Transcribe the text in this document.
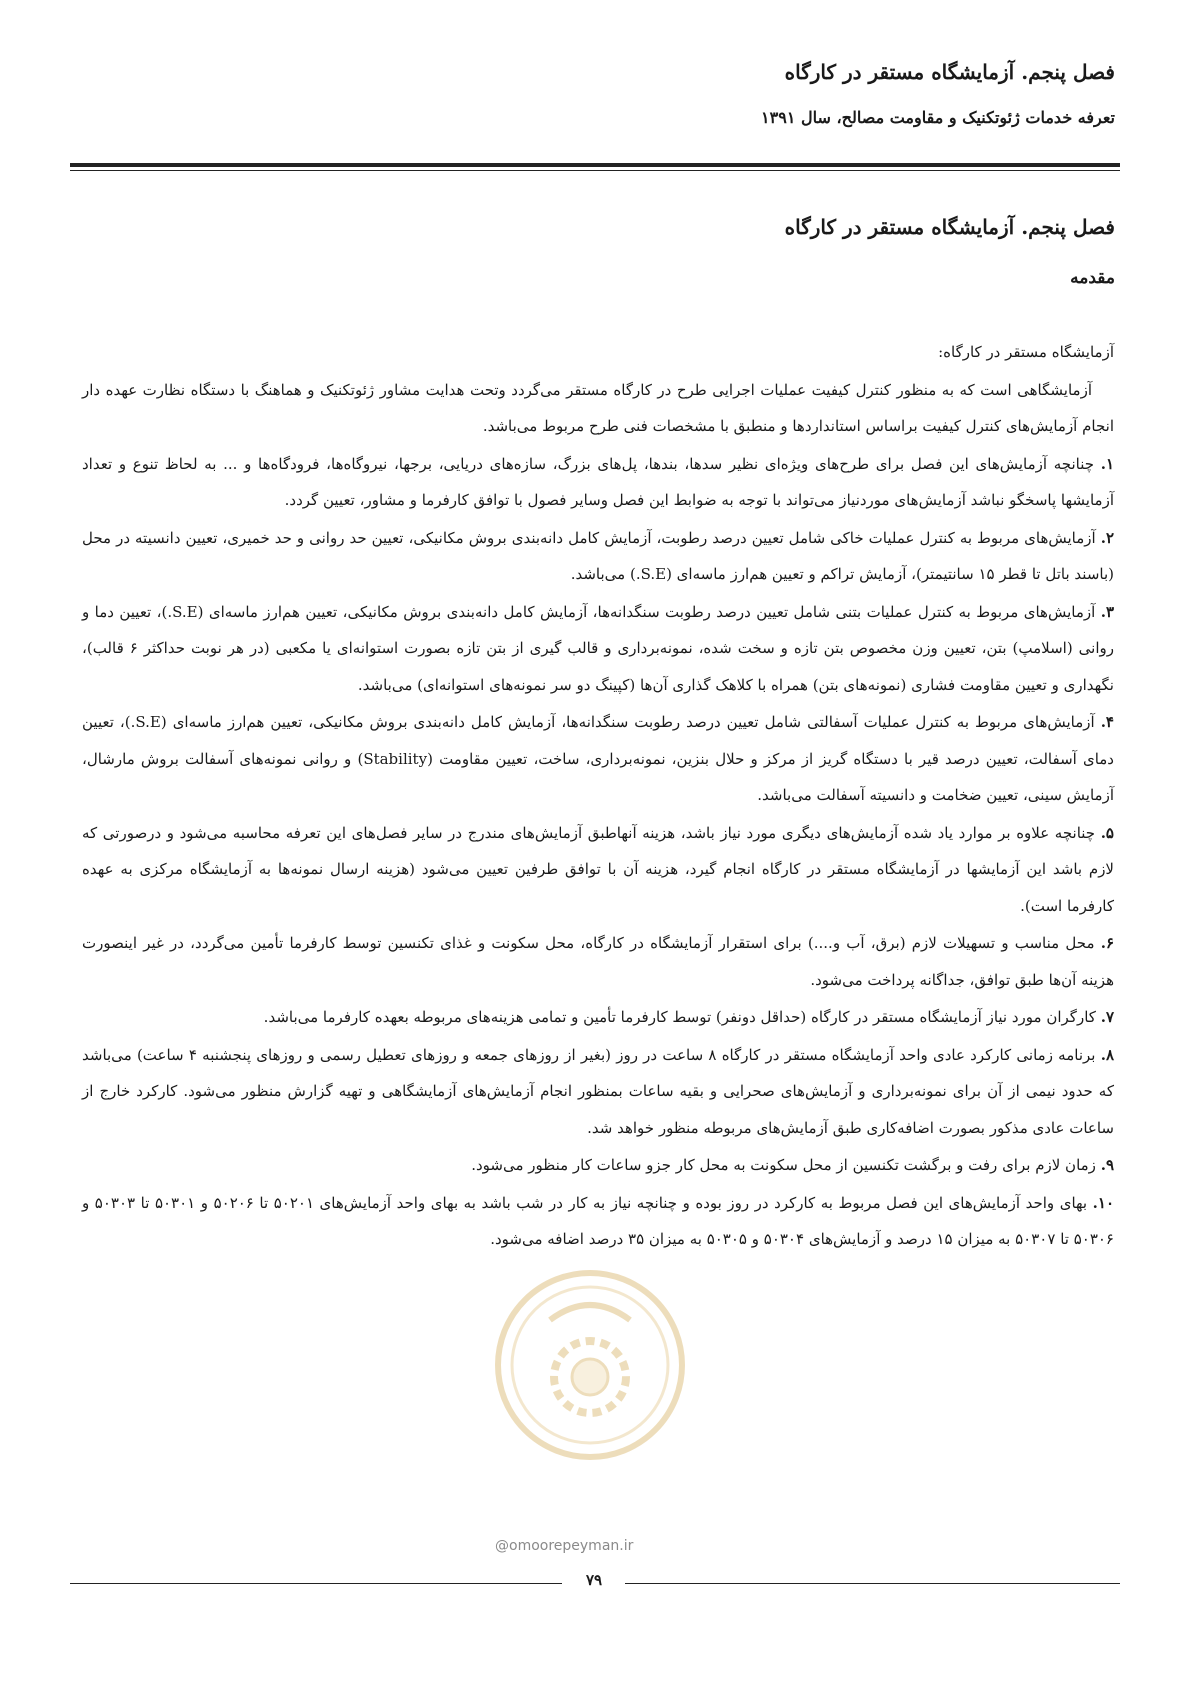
فصل پنجم. آزمایشگاه مستقر در کارگاه
تعرفه خدمات ژئوتکنیک و مقاومت مصالح، سال ۱۳۹۱
فصل پنجم. آزمایشگاه مستقر در کارگاه
مقدمه

آزمایشگاه مستقر در کارگاه:

آزمایشگاهی است که به منظور کنترل کیفیت عملیات اجرایی طرح در کارگاه مستقر می‌گردد وتحت هدایت مشاور ژئوتکنیک و هماهنگ با دستگاه نظارت عهده دار انجام آزمایش‌های کنترل کیفیت براساس استانداردها و منطبق با مشخصات فنی طرح مربوط می‌باشد.

۱. چنانچه آزمایش‌های این فصل برای طرح‌های ویژه‌ای نظیر سدها، بندها، پل‌های بزرگ، سازه‌های دریایی، برجها، نیروگاه‌ها، فرودگاه‌ها و ... به لحاظ تنوع و تعداد آزمایشها پاسخگو نباشد آزمایش‌های موردنیاز می‌تواند با توجه به ضوابط این فصل وسایر فصول با توافق کارفرما و مشاور، تعیین گردد.

۲. آزمایش‌های مربوط به کنترل عملیات خاکی شامل تعیین درصد رطوبت، آزمایش کامل دانه‌بندی بروش مکانیکی، تعیین حد روانی و حد خمیری، تعیین دانسیته در محل (باسند باتل تا قطر ۱۵ سانتیمتر)، آزمایش تراکم و تعیین هم‌ارز ماسه‌ای (S.E.) می‌باشد.

۳. آزمایش‌های مربوط به کنترل عملیات بتنی شامل تعیین درصد رطوبت سنگدانه‌ها، آزمایش کامل دانه‌بندی بروش مکانیکی، تعیین هم‌ارز ماسه‌ای (S.E.)، تعیین دما و روانی (اسلامپ) بتن، تعیین وزن مخصوص بتن تازه و سخت شده، نمونه‌برداری و قالب گیری از بتن تازه بصورت استوانه‌ای یا مکعبی (در هر نوبت حداکثر ۶ قالب)، نگهداری و تعیین مقاومت فشاری (نمونه‌های بتن) همراه با کلاهک گذاری آن‌ها (کپینگ دو سر نمونه‌های استوانه‌ای) می‌باشد.

۴. آزمایش‌های مربوط به کنترل عملیات آسفالتی شامل تعیین درصد رطوبت سنگدانه‌ها، آزمایش کامل دانه‌بندی بروش مکانیکی، تعیین هم‌ارز ماسه‌ای (S.E.)، تعیین دمای آسفالت، تعیین درصد قیر با دستگاه گریز از مرکز و حلال بنزین، نمونه‌برداری، ساخت، تعیین مقاومت (Stability) و روانی نمونه‌های آسفالت بروش مارشال، آزمایش سینی، تعیین ضخامت و دانسیته آسفالت می‌باشد.

۵. چنانچه علاوه بر موارد یاد شده آزمایش‌های دیگری مورد نیاز باشد، هزینه آنهاطبق آزمایش‌های مندرج در سایر فصل‌های این تعرفه محاسبه می‌شود و درصورتی که لازم باشد این آزمایشها در آزمایشگاه مستقر در کارگاه انجام گیرد، هزینه آن با توافق طرفین تعیین می‌شود (هزینه ارسال نمونه‌ها به آزمایشگاه مرکزی به عهده کارفرما است).

۶. محل مناسب و تسهیلات لازم (برق، آب و....) برای استقرار آزمایشگاه در کارگاه، محل سکونت و غذای تکنسین توسط کارفرما تأمین می‌گردد، در غیر اینصورت هزینه آن‌ها طبق توافق، جداگانه پرداخت می‌شود.

۷. کارگران مورد نیاز آزمایشگاه مستقر در کارگاه (حداقل دونفر) توسط کارفرما تأمین و تمامی هزینه‌های مربوطه بعهده کارفرما می‌باشد.

۸. برنامه زمانی کارکرد عادی واحد آزمایشگاه مستقر در کارگاه ۸ ساعت در روز (بغیر از روزهای جمعه و روزهای تعطیل رسمی و روزهای پنجشنبه ۴ ساعت) می‌باشد که حدود نیمی از آن برای نمونه‌برداری و آزمایش‌های صحرایی و بقیه ساعات بمنظور انجام آزمایش‌های آزمایشگاهی و تهیه گزارش منظور می‌شود. کارکرد خارج از ساعات عادی مذکور بصورت اضافه‌کاری طبق آزمایش‌های مربوطه منظور خواهد شد.

۹. زمان لازم برای رفت و برگشت تکنسین از محل سکونت به محل کار جزو ساعات کار منظور می‌شود.

۱۰. بهای واحد آزمایش‌های این فصل مربوط به کارکرد در روز بوده و چنانچه نیاز به کار در شب باشد به بهای واحد آزمایش‌های ۵۰۲۰۱ تا ۵۰۲۰۶ و ۵۰۳۰۱ تا ۵۰۳۰۳ و ۵۰۳۰۶ تا ۵۰۳۰۷ به میزان ۱۵ درصد و آزمایش‌های ۵۰۳۰۴ و ۵۰۳۰۵ به میزان ۳۵ درصد اضافه می‌شود.

@omoorepeyman.ir
۷۹
